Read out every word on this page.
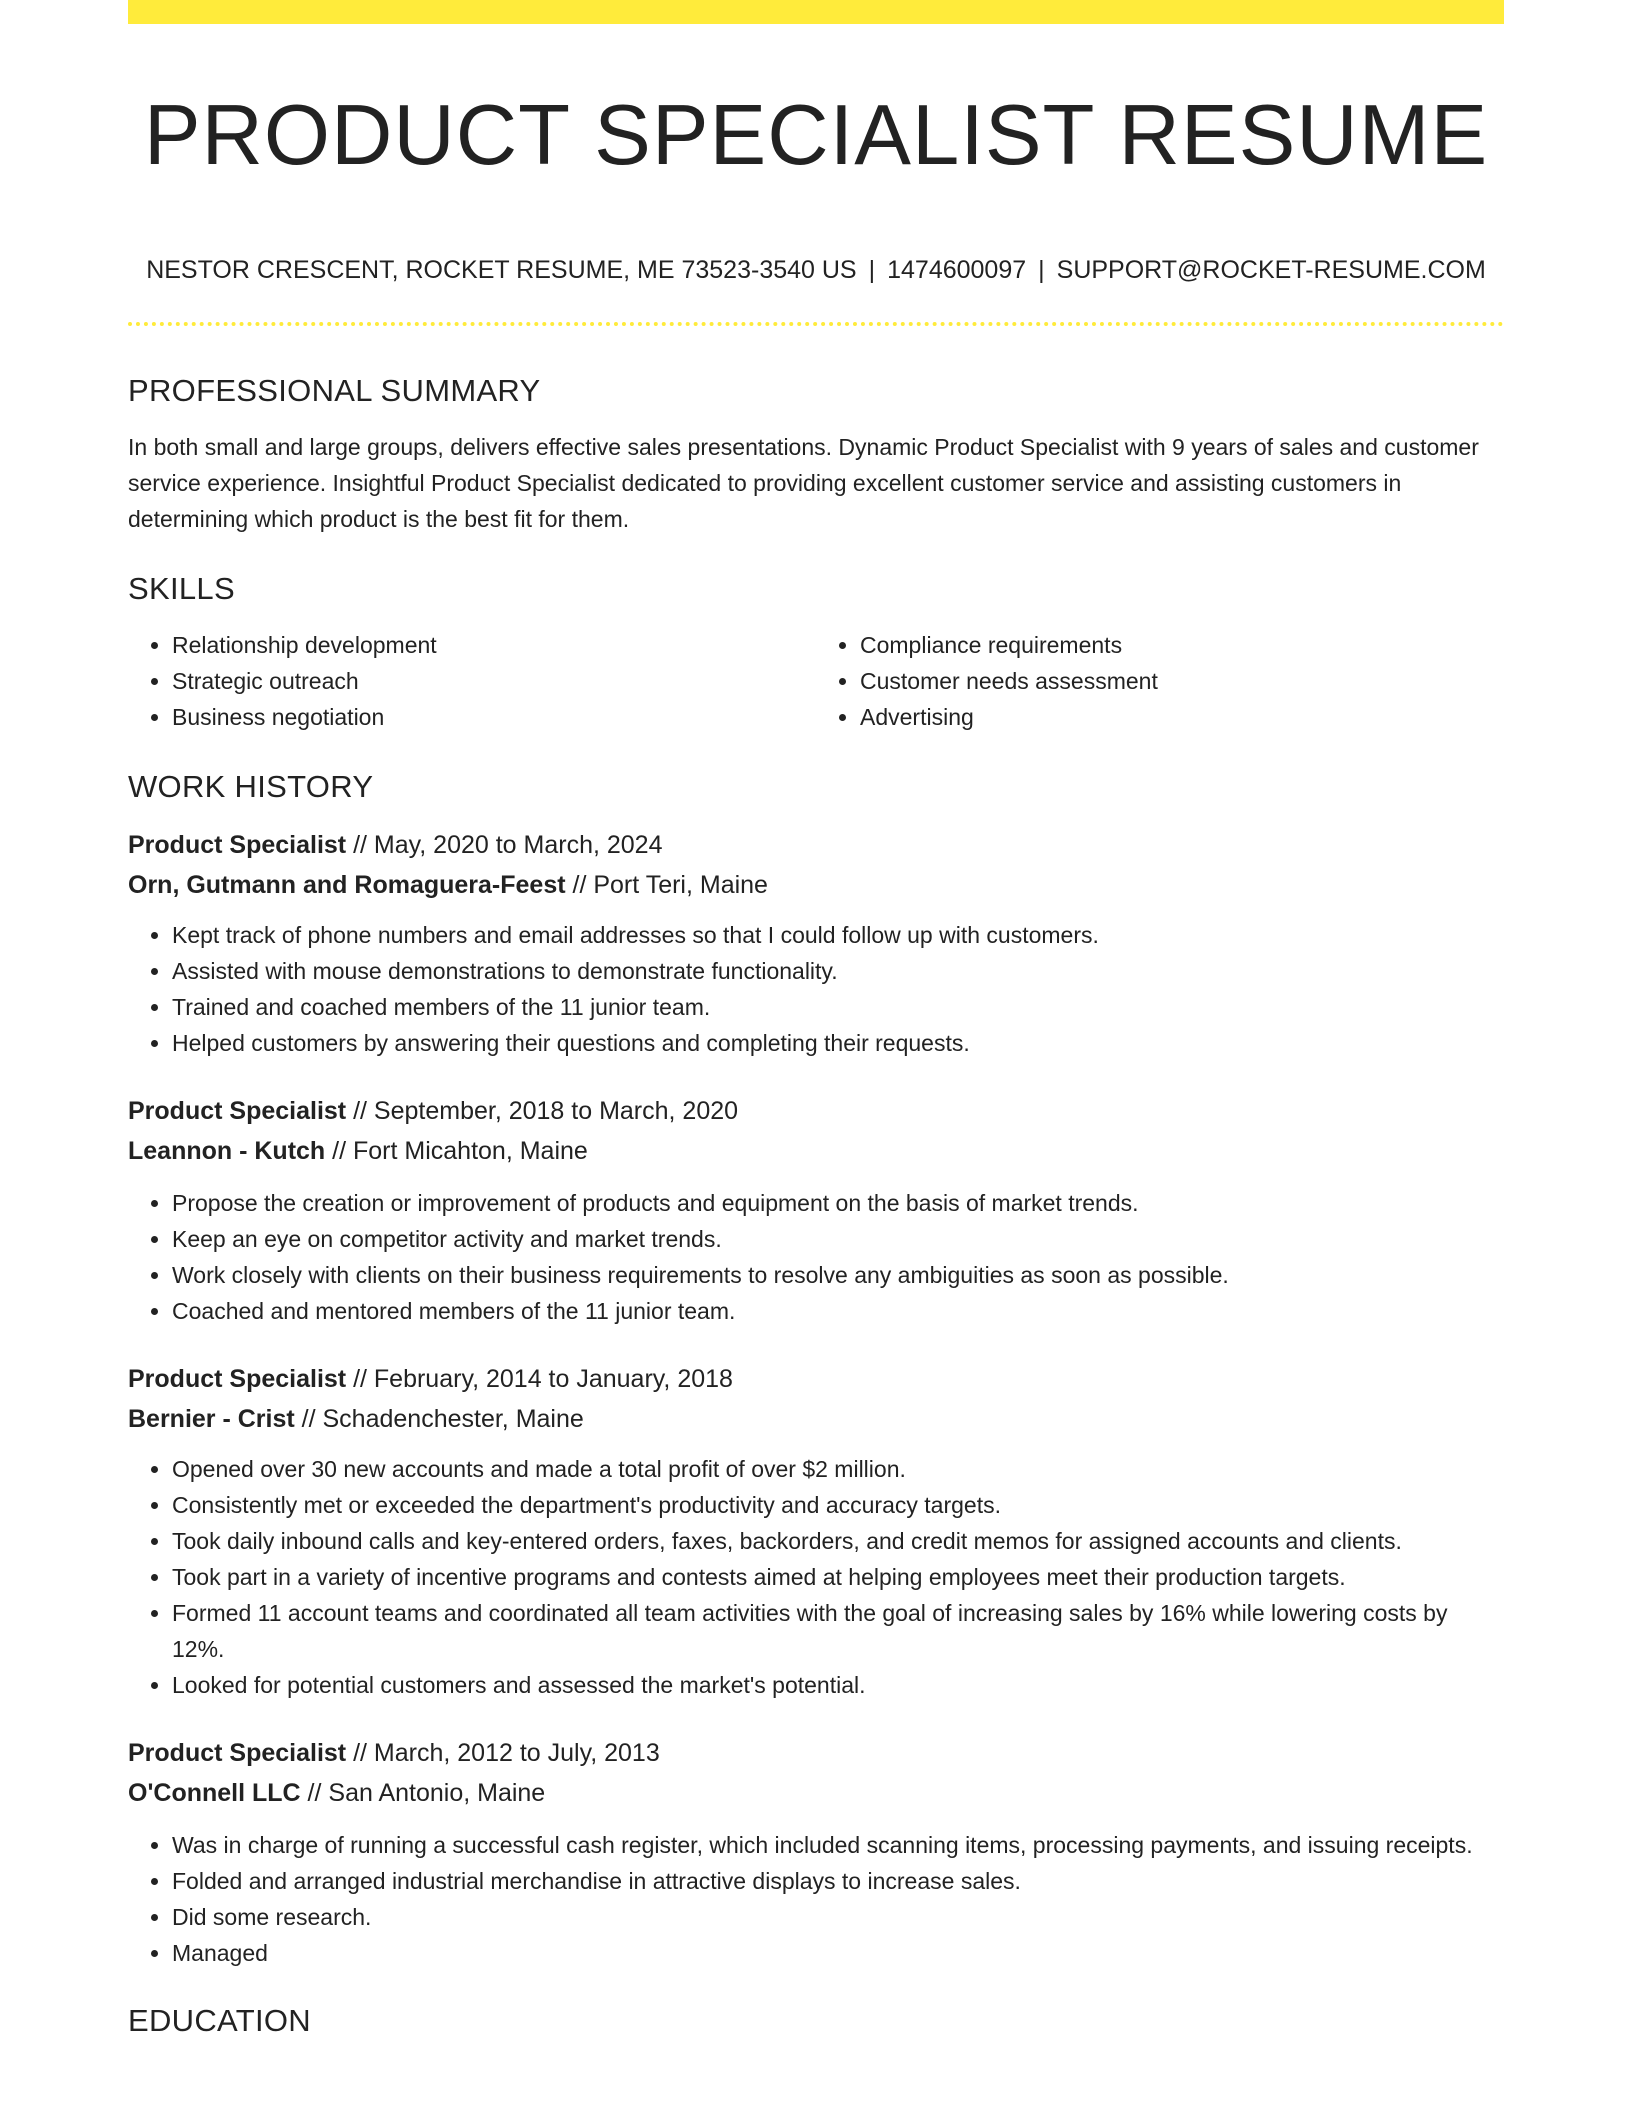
PRODUCT SPECIALIST RESUME
NESTOR CRESCENT, ROCKET RESUME, ME 73523-3540 US | 1474600097 | SUPPORT@ROCKET-RESUME.COM
PROFESSIONAL SUMMARY
In both small and large groups, delivers effective sales presentations. Dynamic Product Specialist with 9 years of sales and customer service experience. Insightful Product Specialist dedicated to providing excellent customer service and assisting customers in determining which product is the best fit for them.
SKILLS
• Relationship development
• Strategic outreach
• Business negotiation
• Compliance requirements
• Customer needs assessment
• Advertising
WORK HISTORY
Product Specialist // May, 2020 to March, 2024
Orn, Gutmann and Romaguera-Feest // Port Teri, Maine
• Kept track of phone numbers and email addresses so that I could follow up with customers.
• Assisted with mouse demonstrations to demonstrate functionality.
• Trained and coached members of the 11 junior team.
• Helped customers by answering their questions and completing their requests.
Product Specialist // September, 2018 to March, 2020
Leannon - Kutch // Fort Micahton, Maine
• Propose the creation or improvement of products and equipment on the basis of market trends.
• Keep an eye on competitor activity and market trends.
• Work closely with clients on their business requirements to resolve any ambiguities as soon as possible.
• Coached and mentored members of the 11 junior team.
Product Specialist // February, 2014 to January, 2018
Bernier - Crist // Schadenchester, Maine
• Opened over 30 new accounts and made a total profit of over $2 million.
• Consistently met or exceeded the department's productivity and accuracy targets.
• Took daily inbound calls and key-entered orders, faxes, backorders, and credit memos for assigned accounts and clients.
• Took part in a variety of incentive programs and contests aimed at helping employees meet their production targets.
• Formed 11 account teams and coordinated all team activities with the goal of increasing sales by 16% while lowering costs by 12%.
• Looked for potential customers and assessed the market's potential.
Product Specialist // March, 2012 to July, 2013
O'Connell LLC // San Antonio, Maine
• Was in charge of running a successful cash register, which included scanning items, processing payments, and issuing receipts.
• Folded and arranged industrial merchandise in attractive displays to increase sales.
• Did some research.
• Managed
EDUCATION
